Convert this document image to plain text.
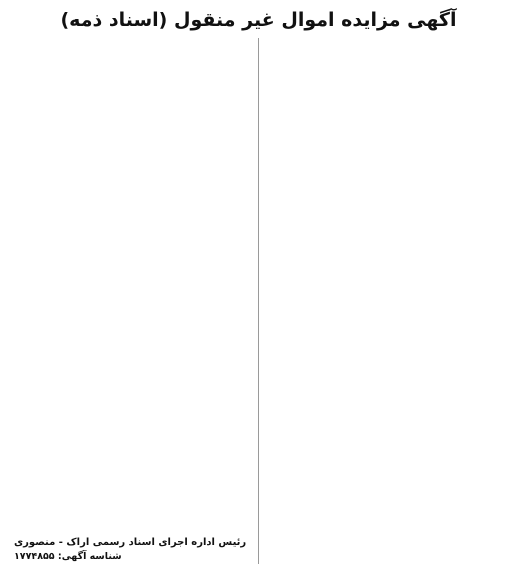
آگهی مزایده اموال غیر منقول (اسناد ذمه)
رئیس اداره اجرای اسناد رسمی اراک - منصوری
شناسه آگهی: ۱۷۷۴۸۵۵
